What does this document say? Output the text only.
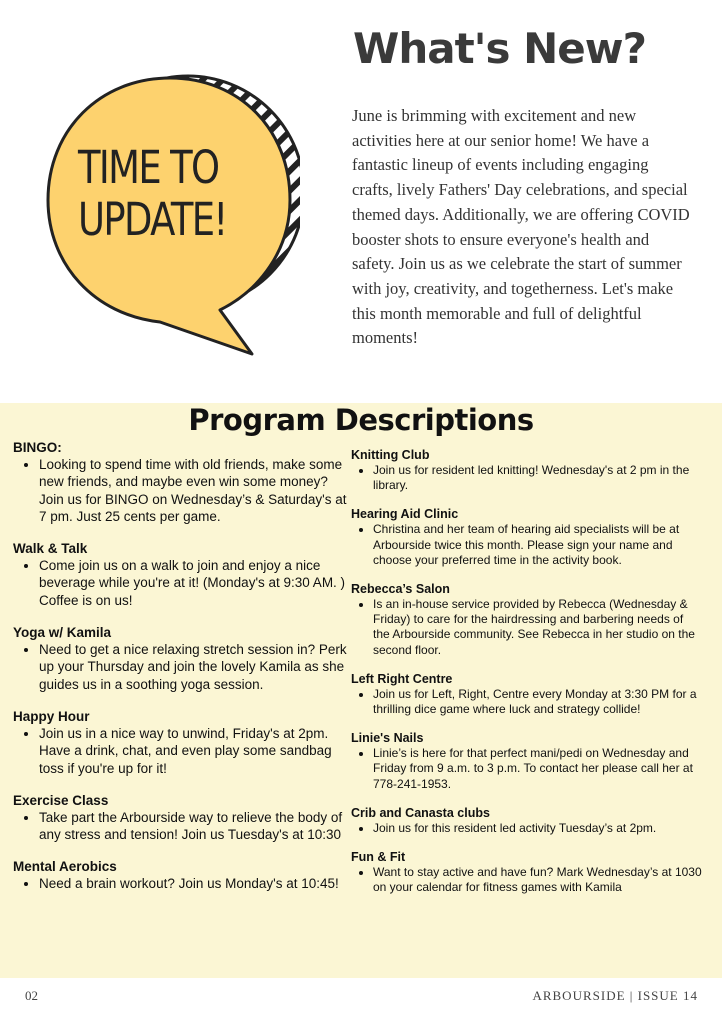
TIME TO
UPDATE!
What's New?

June is brimming with excitement and new activities here at our senior home! We have a fantastic lineup of events including engaging crafts, lively Fathers' Day celebrations, and special themed days. Additionally, we are offering COVID booster shots to ensure everyone's health and safety. Join us as we celebrate the start of summer with joy, creativity, and togetherness. Let's make this month memorable and full of delightful moments!

Program Descriptions
BINGO:
• Looking to spend time with old friends, make some new friends, and maybe even win some money? Join us for BINGO on Wednesday’s & Saturday's at 7 pm. Just 25 cents per game.
Walk & Talk
• Come join us on a walk to join and enjoy a nice beverage while you're at it! (Monday's at 9:30 AM. ) Coffee is on us!
Yoga w/ Kamila
• Need to get a nice relaxing stretch session in? Perk up your Thursday and join the lovely Kamila as she guides us in a soothing yoga session.
Happy Hour
• Join us in a nice way to unwind, Friday's at 2pm. Have a drink, chat, and even play some sandbag toss if you're up for it!
Exercise Class
• Take part the Arbourside way to relieve the body of any stress and tension! Join us Tuesday's at 10:30
Mental Aerobics
• Need a brain workout? Join us Monday's at 10:45!
Knitting Club
• Join us for resident led knitting! Wednesday's at 2 pm in the library.
Hearing Aid Clinic
• Christina and her team of hearing aid specialists will be at Arbourside twice this month. Please sign your name and choose your preferred time in the activity book.
Rebecca’s Salon
• Is an in-house service provided by Rebecca (Wednesday & Friday) to care for the hairdressing and barbering needs of the Arbourside community. See Rebecca in her studio on the second floor.
Left Right Centre
• Join us for Left, Right, Centre every Monday at 3:30 PM for a thrilling dice game where luck and strategy collide!
Linie's Nails
• Linie’s is here for that perfect mani/pedi on Wednesday and Friday from 9 a.m. to 3 p.m. To contact her please call her at 778-241-1953.
Crib and Canasta clubs
• Join us for this resident led activity Tuesday’s at 2pm.
Fun & Fit
• Want to stay active and have fun? Mark Wednesday’s at 1030 on your calendar for fitness games with Kamila
02	ARBOURSIDE | ISSUE 14
